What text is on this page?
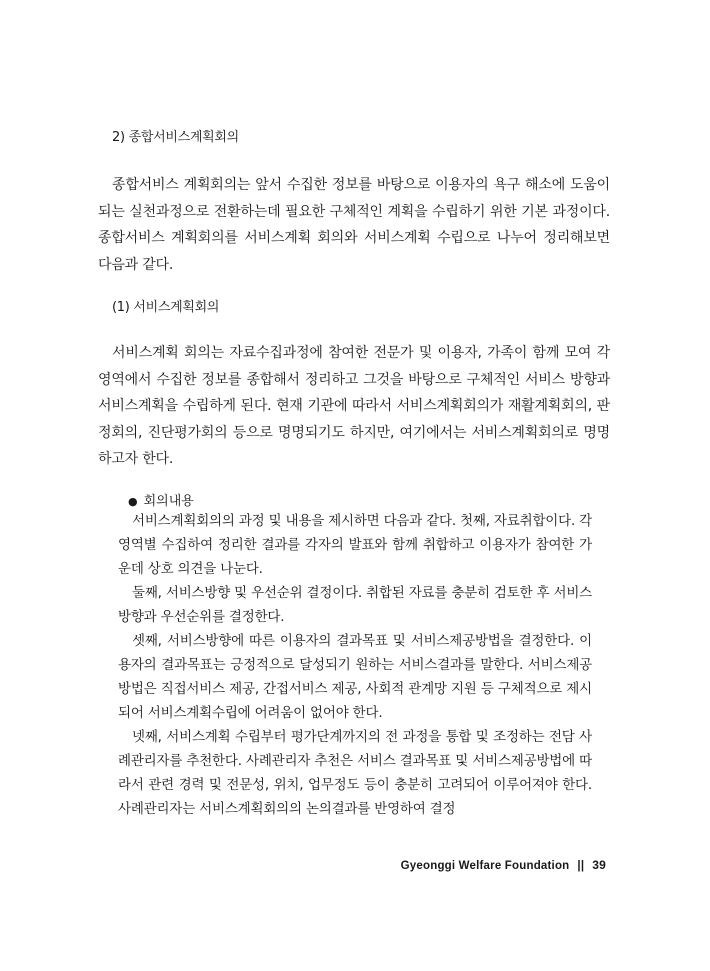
2) 종합서비스계획회의

종합서비스 계획회의는 앞서 수집한 정보를 바탕으로 이용자의 욕구 해소에 도움이 되는 실천과정으로 전환하는데 필요한 구체적인 계획을 수립하기 위한 기본 과정이다. 종합서비스 계획회의를 서비스계획 회의와 서비스계획 수립으로 나누어 정리해보면 다음과 같다.

(1) 서비스계획회의

서비스계획 회의는 자료수집과정에 참여한 전문가 및 이용자, 가족이 함께 모여 각 영역에서 수집한 정보를 종합해서 정리하고 그것을 바탕으로 구체적인 서비스 방향과 서비스계획을 수립하게 된다. 현재 기관에 따라서 서비스계획회의가 재활계획회의, 판정회의, 진단평가회의 등으로 명명되기도 하지만, 여기에서는 서비스계획회의로 명명하고자 한다.

● 회의내용

서비스계획회의의 과정 및 내용을 제시하면 다음과 같다. 첫째, 자료취합이다. 각 영역별 수집하여 정리한 결과를 각자의 발표와 함께 취합하고 이용자가 참여한 가운데 상호 의견을 나눈다.

둘째, 서비스방향 및 우선순위 결정이다. 취합된 자료를 충분히 검토한 후 서비스방향과 우선순위를 결정한다.

셋째, 서비스방향에 따른 이용자의 결과목표 및 서비스제공방법을 결정한다. 이용자의 결과목표는 긍정적으로 달성되기 원하는 서비스결과를 말한다. 서비스제공방법은 직접서비스 제공, 간접서비스 제공, 사회적 관계망 지원 등 구체적으로 제시되어 서비스계획수립에 어려움이 없어야 한다.

넷째, 서비스계획 수립부터 평가단계까지의 전 과정을 통합 및 조정하는 전담 사례관리자를 추천한다. 사례관리자 추천은 서비스 결과목표 및 서비스제공방법에 따라서 관련 경력 및 전문성, 위치, 업무정도 등이 충분히 고려되어 이루어져야 한다. 사례관리자는 서비스계획회의의 논의결과를 반영하여 결정

Gyeonggi Welfare Foundation || 39
